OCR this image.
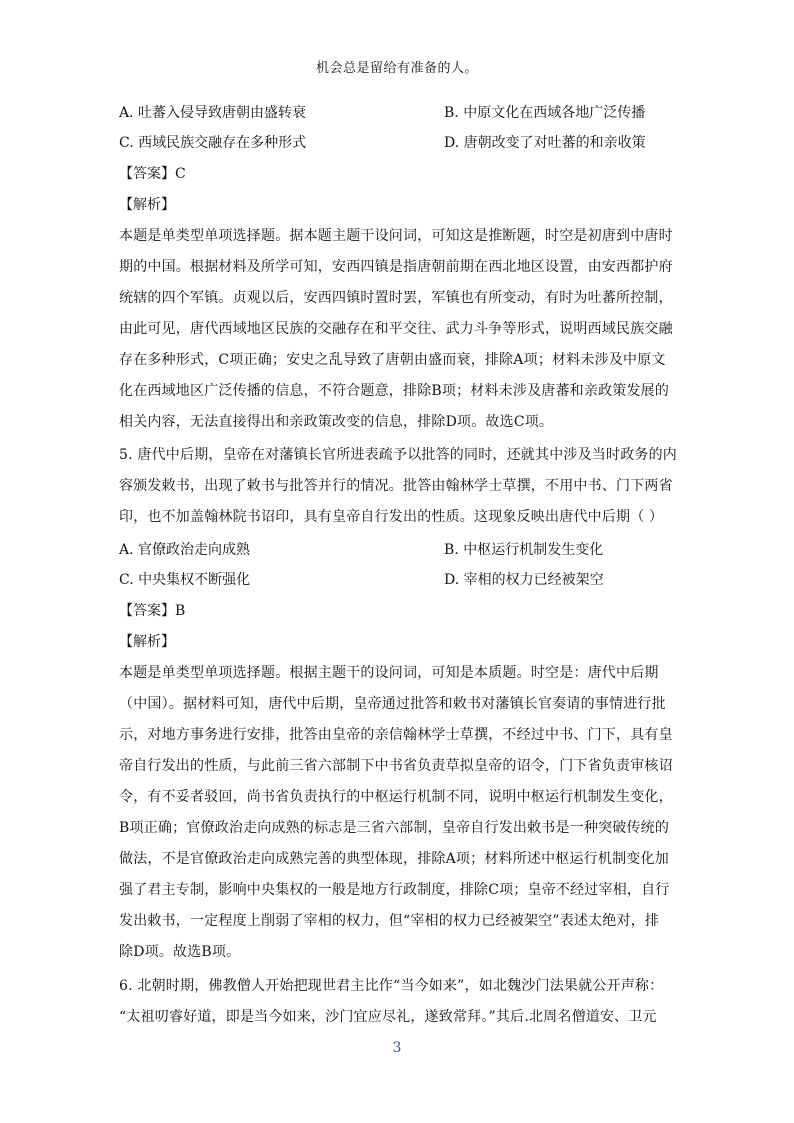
机会总是留给有准备的人。
A. 吐蕃入侵导致唐朝由盛转衰	B. 中原文化在西域各地广泛传播
C. 西域民族交融存在多种形式	D. 唐朝改变了对吐蕃的和亲收策
【答案】C
【解析】
本题是单类型单项选择题。据本题主题干设问词，可知这是推断题，时空是初唐到中唐时
期的中国。根据材料及所学可知，安西四镇是指唐朝前期在西北地区设置，由安西都护府
统辖的四个军镇。贞观以后，安西四镇时置时罢，军镇也有所变动，有时为吐蕃所控制，
由此可见，唐代西域地区民族的交融存在和平交往、武力斗争等形式，说明西域民族交融
存在多种形式，C项正确；安史之乱导致了唐朝由盛而衰，排除A项；材料未涉及中原文
化在西域地区广泛传播的信息，不符合题意，排除B项；材料未涉及唐蕃和亲政策发展的
相关内容，无法直接得出和亲政策改变的信息，排除D项。故选C项。
5. 唐代中后期，皇帝在对藩镇长官所进表疏予以批答的同时，还就其中涉及当时政务的内
容颁发敕书，出现了敕书与批答并行的情况。批答由翰林学士草撰，不用中书、门下两省
印，也不加盖翰林院书诏印，具有皇帝自行发出的性质。这现象反映出唐代中后期（ ）
A. 官僚政治走向成熟	B. 中枢运行机制发生变化
C. 中央集权不断强化	D. 宰相的权力已经被架空
【答案】B
【解析】
本题是单类型单项选择题。根据主题干的设问词，可知是本质题。时空是：唐代中后期
（中国）。据材料可知，唐代中后期，皇帝通过批答和敕书对藩镇长官奏请的事情进行批
示，对地方事务进行安排，批答由皇帝的亲信翰林学士草撰，不经过中书、门下，具有皇
帝自行发出的性质，与此前三省六部制下中书省负责草拟皇帝的诏令，门下省负责审核诏
令，有不妥者驳回，尚书省负责执行的中枢运行机制不同，说明中枢运行机制发生变化，
B项正确；官僚政治走向成熟的标志是三省六部制，皇帝自行发出敕书是一种突破传统的
做法，不是官僚政治走向成熟完善的典型体现，排除A项；材料所述中枢运行机制变化加
强了君主专制，影响中央集权的一般是地方行政制度，排除C项；皇帝不经过宰相，自行
发出敕书，一定程度上削弱了宰相的权力，但“宰相的权力已经被架空”表述太绝对，排
除D项。故选B项。
6. 北朝时期，佛教僧人开始把现世君主比作“当今如来”，如北魏沙门法果就公开声称：
“太祖叨睿好道，即是当今如来，沙门宜应尽礼，遂致常拜。”其后.北周名僧道安、卫元
3
